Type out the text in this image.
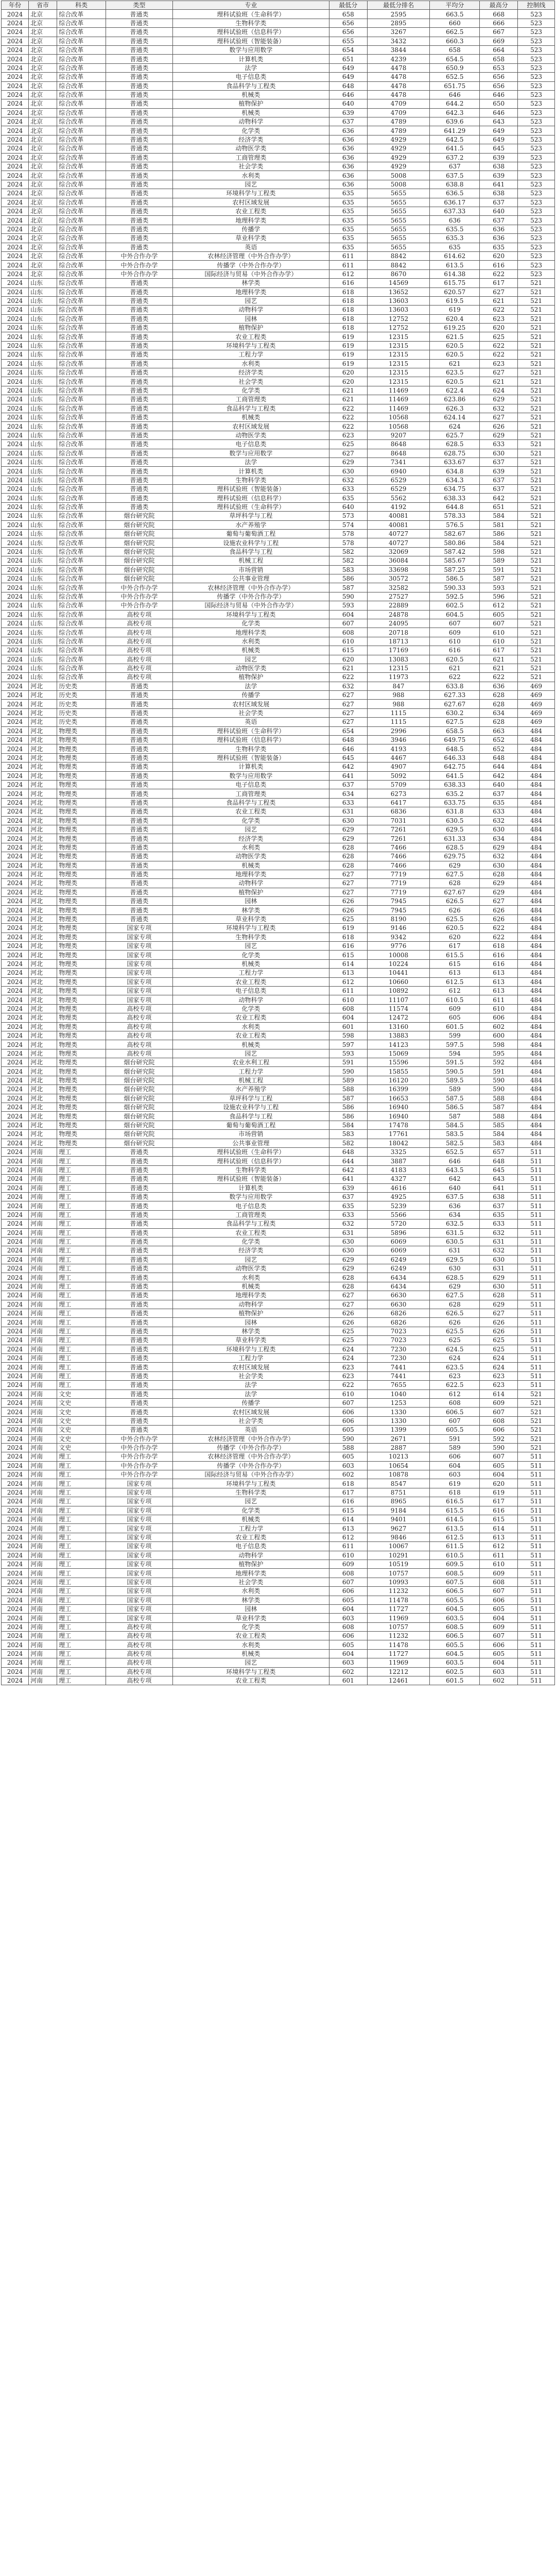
年份	省市	科类	类型	专业	最低分	最低分排名	平均分	最高分	控制线
2024	北京	综合改革	普通类	理科试验班（生命科学）	658	2595	663.5	668	523
2024	北京	综合改革	普通类	生物科学类	656	2895	660	666	523
2024	北京	综合改革	普通类	理科试验班（信息科学）	656	3267	662.5	667	523
2024	北京	综合改革	普通类	理科试验班（智能装备）	655	3432	660.3	669	523
2024	北京	综合改革	普通类	数学与应用数学	654	3844	658	664	523
2024	北京	综合改革	普通类	计算机类	651	4239	654.5	658	523
2024	北京	综合改革	普通类	法学	649	4478	650.9	653	523
2024	北京	综合改革	普通类	电子信息类	649	4478	652.5	656	523
2024	北京	综合改革	普通类	食品科学与工程类	648	4478	651.75	656	523
2024	北京	综合改革	普通类	机械类	646	4478	646	646	523
2024	北京	综合改革	普通类	植物保护	640	4709	644.2	650	523
2024	北京	综合改革	普通类	机械类	639	4709	642.3	646	523
2024	北京	综合改革	普通类	动物科学	637	4789	639.6	643	523
2024	北京	综合改革	普通类	化学类	636	4789	641.29	649	523
2024	北京	综合改革	普通类	经济学类	636	4929	642.5	649	523
2024	北京	综合改革	普通类	动物医学类	636	4929	641.5	645	523
2024	北京	综合改革	普通类	工商管理类	636	4929	637.2	639	523
2024	北京	综合改革	普通类	社会学类	636	4929	637	638	523
2024	北京	综合改革	普通类	水利类	636	5008	637.5	639	523
2024	北京	综合改革	普通类	园艺	636	5008	638.8	641	523
2024	北京	综合改革	普通类	环境科学与工程类	635	5655	636.5	638	523
2024	北京	综合改革	普通类	农村区域发展	635	5655	636.17	637	523
2024	北京	综合改革	普通类	农业工程类	635	5655	637.33	640	523
2024	北京	综合改革	普通类	地理科学类	635	5655	636	637	523
2024	北京	综合改革	普通类	传播学	635	5655	635.5	636	523
2024	北京	综合改革	普通类	草业科学类	635	5655	635.3	636	523
2024	北京	综合改革	普通类	英语	635	5655	635	635	523
2024	北京	综合改革	中外合作办学	农林经济管理（中外合作办学）	611	8842	614.62	620	523
2024	北京	综合改革	中外合作办学	传播学（中外合作办学）	611	8842	613.5	616	523
2024	北京	综合改革	中外合作办学	国际经济与贸易（中外合作办学）	612	8670	614.38	622	523
2024	山东	综合改革	普通类	林学类	616	14569	615.75	617	521
2024	山东	综合改革	普通类	地理科学类	618	13652	620.57	627	521
2024	山东	综合改革	普通类	园艺	618	13603	619.5	621	521
2024	山东	综合改革	普通类	动物科学	618	13603	619	622	521
2024	山东	综合改革	普通类	园林	618	12752	620.4	623	521
2024	山东	综合改革	普通类	植物保护	618	12752	619.25	620	521
2024	山东	综合改革	普通类	农业工程类	619	12315	621.5	625	521
2024	山东	综合改革	普通类	环境科学与工程类	619	12315	620.5	622	521
2024	山东	综合改革	普通类	工程力学	619	12315	620.5	622	521
2024	山东	综合改革	普通类	水利类	619	12315	621	623	521
2024	山东	综合改革	普通类	经济学类	620	12315	623.5	627	521
2024	山东	综合改革	普通类	社会学类	620	12315	620.5	621	521
2024	山东	综合改革	普通类	化学类	621	11469	622.4	624	521
2024	山东	综合改革	普通类	工商管理类	621	11469	623.86	629	521
2024	山东	综合改革	普通类	食品科学与工程类	622	11469	626.3	632	521
2024	山东	综合改革	普通类	机械类	622	10568	624.14	627	521
2024	山东	综合改革	普通类	农村区域发展	622	10568	624	626	521
2024	山东	综合改革	普通类	动物医学类	623	9207	625.7	629	521
2024	山东	综合改革	普通类	电子信息类	625	8648	628.5	633	521
2024	山东	综合改革	普通类	数学与应用数学	627	8648	628.75	630	521
2024	山东	综合改革	普通类	法学	629	7341	633.67	637	521
2024	山东	综合改革	普通类	计算机类	630	6940	634.8	639	521
2024	山东	综合改革	普通类	生物科学类	632	6529	634.3	637	521
2024	山东	综合改革	普通类	理科试验班（智能装备）	633	6529	634.75	637	521
2024	山东	综合改革	普通类	理科试验班（信息科学）	635	5562	638.33	642	521
2024	山东	综合改革	普通类	理科试验班（生命科学）	640	4192	644.8	651	521
2024	山东	综合改革	烟台研究院	草坪科学与工程	573	40081	578.33	584	521
2024	山东	综合改革	烟台研究院	水产养殖学	574	40081	576.5	581	521
2024	山东	综合改革	烟台研究院	葡萄与葡萄酒工程	578	40727	582.67	586	521
2024	山东	综合改革	烟台研究院	设施农业科学与工程	578	40727	580.86	584	521
2024	山东	综合改革	烟台研究院	食品科学与工程	582	32069	587.42	598	521
2024	山东	综合改革	烟台研究院	机械工程	582	36084	585.67	589	521
2024	山东	综合改革	烟台研究院	市场营销	583	33698	587.25	591	521
2024	山东	综合改革	烟台研究院	公共事业管理	586	30572	586.5	587	521
2024	山东	综合改革	中外合作办学	农林经济管理（中外合作办学）	587	32582	590.33	593	521
2024	山东	综合改革	中外合作办学	传播学（中外合作办学）	590	27527	592.5	596	521
2024	山东	综合改革	中外合作办学	国际经济与贸易（中外合作办学）	593	22889	602.5	612	521
2024	山东	综合改革	高校专项	环境科学与工程类	604	24878	604.5	605	521
2024	山东	综合改革	高校专项	化学类	607	24095	607	607	521
2024	山东	综合改革	高校专项	地理科学类	608	20718	609	610	521
2024	山东	综合改革	高校专项	水利类	610	18713	610	610	521
2024	山东	综合改革	高校专项	机械类	615	17169	616	617	521
2024	山东	综合改革	高校专项	园艺	620	13083	620.5	621	521
2024	山东	综合改革	高校专项	动物医学类	621	12315	621	621	521
2024	山东	综合改革	高校专项	植物保护	622	11973	622	622	521
2024	河北	历史类	普通类	法学	632	847	633.8	636	469
2024	河北	历史类	普通类	传播学	627	988	627.33	628	469
2024	河北	历史类	普通类	农村区域发展	627	988	627.67	628	469
2024	河北	历史类	普通类	社会学类	627	1115	630.2	634	469
2024	河北	历史类	普通类	英语	627	1115	627.5	628	469
2024	河北	物理类	普通类	理科试验班（生命科学）	654	2996	658.5	663	484
2024	河北	物理类	普通类	理科试验班（信息科学）	648	3946	649.75	652	484
2024	河北	物理类	普通类	生物科学类	646	4193	648.5	652	484
2024	河北	物理类	普通类	理科试验班（智能装备）	645	4467	646.33	648	484
2024	河北	物理类	普通类	计算机类	642	4907	642.75	644	484
2024	河北	物理类	普通类	数学与应用数学	641	5092	641.5	642	484
2024	河北	物理类	普通类	电子信息类	637	5709	638.33	640	484
2024	河北	物理类	普通类	工商管理类	634	6273	635.2	637	484
2024	河北	物理类	普通类	食品科学与工程类	633	6417	633.75	635	484
2024	河北	物理类	普通类	农业工程类	631	6836	631.8	633	484
2024	河北	物理类	普通类	化学类	630	7031	630.5	632	484
2024	河北	物理类	普通类	园艺	629	7261	629.5	630	484
2024	河北	物理类	普通类	经济学类	629	7261	631.33	634	484
2024	河北	物理类	普通类	水利类	628	7466	628.5	629	484
2024	河北	物理类	普通类	动物医学类	628	7466	629.75	632	484
2024	河北	物理类	普通类	机械类	628	7466	629	630	484
2024	河北	物理类	普通类	地理科学类	627	7719	627.5	628	484
2024	河北	物理类	普通类	动物科学	627	7719	628	629	484
2024	河北	物理类	普通类	植物保护	627	7719	627.67	629	484
2024	河北	物理类	普通类	园林	626	7945	626.5	627	484
2024	河北	物理类	普通类	林学类	626	7945	626	626	484
2024	河北	物理类	普通类	草业科学类	625	8190	625.5	626	484
2024	河北	物理类	国家专项	环境科学与工程类	619	9146	620.5	622	484
2024	河北	物理类	国家专项	生物科学类	618	9342	620	622	484
2024	河北	物理类	国家专项	园艺	616	9776	617	618	484
2024	河北	物理类	国家专项	化学类	615	10008	615.5	616	484
2024	河北	物理类	国家专项	机械类	614	10224	615	616	484
2024	河北	物理类	国家专项	工程力学	613	10441	613	613	484
2024	河北	物理类	国家专项	农业工程类	612	10660	612.5	613	484
2024	河北	物理类	国家专项	电子信息类	611	10892	612	613	484
2024	河北	物理类	国家专项	动物科学	610	11107	610.5	611	484
2024	河北	物理类	高校专项	化学类	608	11574	609	610	484
2024	河北	物理类	高校专项	农业工程类	604	12472	605	606	484
2024	河北	物理类	高校专项	水利类	601	13160	601.5	602	484
2024	河北	物理类	高校专项	农业工程类	598	13883	599	600	484
2024	河北	物理类	高校专项	机械类	597	14123	597.5	598	484
2024	河北	物理类	高校专项	园艺	593	15069	594	595	484
2024	河北	物理类	烟台研究院	农业水利工程	591	15596	591.5	592	484
2024	河北	物理类	烟台研究院	工程力学	590	15855	590.5	591	484
2024	河北	物理类	烟台研究院	机械工程	589	16120	589.5	590	484
2024	河北	物理类	烟台研究院	水产养殖学	588	16399	589	590	484
2024	河北	物理类	烟台研究院	草坪科学与工程	587	16653	587.5	588	484
2024	河北	物理类	烟台研究院	设施农业科学与工程	586	16940	586.5	587	484
2024	河北	物理类	烟台研究院	食品科学与工程	586	16940	587	588	484
2024	河北	物理类	烟台研究院	葡萄与葡萄酒工程	584	17478	584.5	585	484
2024	河北	物理类	烟台研究院	市场营销	583	17761	583.5	584	484
2024	河北	物理类	烟台研究院	公共事业管理	582	18042	582.5	583	484
2024	河南	理工	普通类	理科试验班（生命科学）	648	3325	652.5	657	511
2024	河南	理工	普通类	理科试验班（信息科学）	644	3887	646	648	511
2024	河南	理工	普通类	生物科学类	642	4183	643.5	645	511
2024	河南	理工	普通类	理科试验班（智能装备）	641	4327	642	643	511
2024	河南	理工	普通类	计算机类	639	4616	640	641	511
2024	河南	理工	普通类	数学与应用数学	637	4925	637.5	638	511
2024	河南	理工	普通类	电子信息类	635	5239	636	637	511
2024	河南	理工	普通类	工商管理类	633	5566	634	635	511
2024	河南	理工	普通类	食品科学与工程类	632	5720	632.5	633	511
2024	河南	理工	普通类	农业工程类	631	5896	631.5	632	511
2024	河南	理工	普通类	化学类	630	6069	630.5	631	511
2024	河南	理工	普通类	经济学类	630	6069	631	632	511
2024	河南	理工	普通类	园艺	629	6249	629.5	630	511
2024	河南	理工	普通类	动物医学类	629	6249	630	631	511
2024	河南	理工	普通类	水利类	628	6434	628.5	629	511
2024	河南	理工	普通类	机械类	628	6434	629	630	511
2024	河南	理工	普通类	地理科学类	627	6630	627.5	628	511
2024	河南	理工	普通类	动物科学	627	6630	628	629	511
2024	河南	理工	普通类	植物保护	626	6826	626.5	627	511
2024	河南	理工	普通类	园林	626	6826	626	626	511
2024	河南	理工	普通类	林学类	625	7023	625.5	626	511
2024	河南	理工	普通类	草业科学类	625	7023	625	625	511
2024	河南	理工	普通类	环境科学与工程类	624	7230	624.5	625	511
2024	河南	理工	普通类	工程力学	624	7230	624	624	511
2024	河南	理工	普通类	农村区域发展	623	7441	623.5	624	511
2024	河南	理工	普通类	社会学类	623	7441	623	623	511
2024	河南	理工	普通类	法学	622	7655	622.5	623	511
2024	河南	文史	普通类	法学	610	1040	612	614	521
2024	河南	文史	普通类	传播学	607	1253	608	609	521
2024	河南	文史	普通类	农村区域发展	606	1330	606.5	607	521
2024	河南	文史	普通类	社会学类	606	1330	607	608	521
2024	河南	文史	普通类	英语	605	1399	605.5	606	521
2024	河南	文史	中外合作办学	农林经济管理（中外合作办学）	590	2671	591	592	521
2024	河南	文史	中外合作办学	传播学（中外合作办学）	588	2887	589	590	521
2024	河南	理工	中外合作办学	农林经济管理（中外合作办学）	605	10213	606	607	511
2024	河南	理工	中外合作办学	传播学（中外合作办学）	603	10654	604	605	511
2024	河南	理工	中外合作办学	国际经济与贸易（中外合作办学）	602	10878	603	604	511
2024	河南	理工	国家专项	环境科学与工程类	618	8547	619	620	511
2024	河南	理工	国家专项	生物科学类	617	8751	618	619	511
2024	河南	理工	国家专项	园艺	616	8965	616.5	617	511
2024	河南	理工	国家专项	化学类	615	9184	615.5	616	511
2024	河南	理工	国家专项	机械类	614	9401	614.5	615	511
2024	河南	理工	国家专项	工程力学	613	9627	613.5	614	511
2024	河南	理工	国家专项	农业工程类	612	9846	612.5	613	511
2024	河南	理工	国家专项	电子信息类	611	10067	611.5	612	511
2024	河南	理工	国家专项	动物科学	610	10291	610.5	611	511
2024	河南	理工	国家专项	植物保护	609	10519	609.5	610	511
2024	河南	理工	国家专项	地理科学类	608	10757	608.5	609	511
2024	河南	理工	国家专项	社会学类	607	10993	607.5	608	511
2024	河南	理工	国家专项	水利类	606	11232	606.5	607	511
2024	河南	理工	国家专项	林学类	605	11478	605.5	606	511
2024	河南	理工	国家专项	园林	604	11727	604.5	605	511
2024	河南	理工	国家专项	草业科学类	603	11969	603.5	604	511
2024	河南	理工	高校专项	化学类	608	10757	608.5	609	511
2024	河南	理工	高校专项	农业工程类	606	11232	606.5	607	511
2024	河南	理工	高校专项	水利类	605	11478	605.5	606	511
2024	河南	理工	高校专项	机械类	604	11727	604.5	605	511
2024	河南	理工	高校专项	园艺	603	11969	603.5	604	511
2024	河南	理工	高校专项	环境科学与工程类	602	12212	602.5	603	511
2024	河南	理工	高校专项	农业工程类	601	12461	601.5	602	511
